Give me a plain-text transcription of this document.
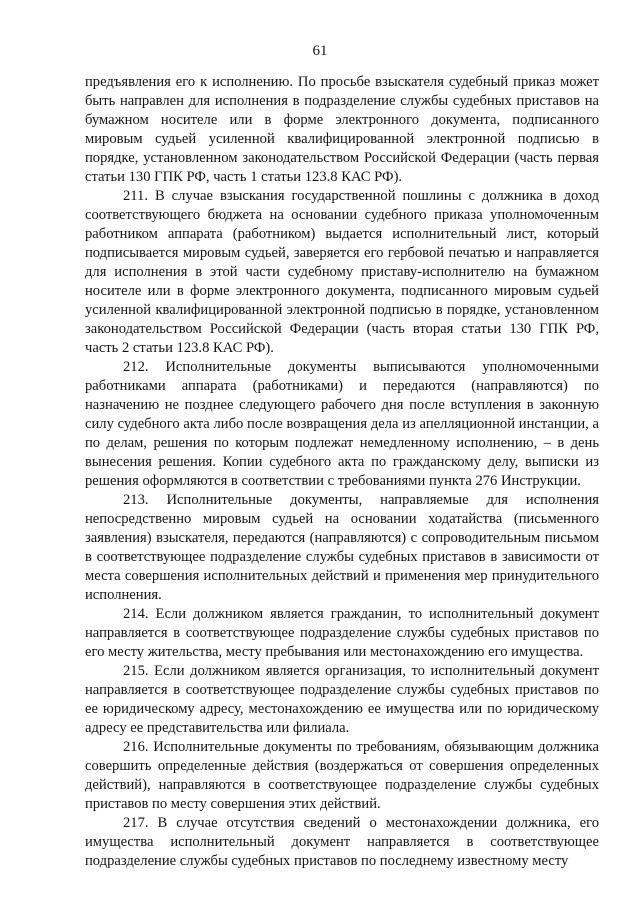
61

предъявления его к исполнению. По просьбе взыскателя судебный приказ может быть направлен для исполнения в подразделение службы судебных приставов на бумажном носителе или в форме электронного документа, подписанного мировым судьей усиленной квалифицированной электронной подписью в порядке, установленном законодательством Российской Федерации (часть первая статьи 130 ГПК РФ, часть 1 статьи 123.8 КАС РФ).

211. В случае взыскания государственной пошлины с должника в доход соответствующего бюджета на основании судебного приказа уполномоченным работником аппарата (работником) выдается исполнительный лист, который подписывается мировым судьей, заверяется его гербовой печатью и направляется для исполнения в этой части судебному приставу-исполнителю на бумажном носителе или в форме электронного документа, подписанного мировым судьей усиленной квалифицированной электронной подписью в порядке, установленном законодательством Российской Федерации (часть вторая статьи 130 ГПК РФ, часть 2 статьи 123.8 КАС РФ).

212. Исполнительные документы выписываются уполномоченными работниками аппарата (работниками) и передаются (направляются) по назначению не позднее следующего рабочего дня после вступления в законную силу судебного акта либо после возвращения дела из апелляционной инстанции, а по делам, решения по которым подлежат немедленному исполнению, – в день вынесения решения. Копии судебного акта по гражданскому делу, выписки из решения оформляются в соответствии с требованиями пункта 276 Инструкции.

213. Исполнительные документы, направляемые для исполнения непосредственно мировым судьей на основании ходатайства (письменного заявления) взыскателя, передаются (направляются) с сопроводительным письмом в соответствующее подразделение службы судебных приставов в зависимости от места совершения исполнительных действий и применения мер принудительного исполнения.

214. Если должником является гражданин, то исполнительный документ направляется в соответствующее подразделение службы судебных приставов по его месту жительства, месту пребывания или местонахождению его имущества.

215. Если должником является организация, то исполнительный документ направляется в соответствующее подразделение службы судебных приставов по ее юридическому адресу, местонахождению ее имущества или по юридическому адресу ее представительства или филиала.

216. Исполнительные документы по требованиям, обязывающим должника совершить определенные действия (воздержаться от совершения определенных действий), направляются в соответствующее подразделение службы судебных приставов по месту совершения этих действий.

217. В случае отсутствия сведений о местонахождении должника, его имущества исполнительный документ направляется в соответствующее подразделение службы судебных приставов по последнему известному месту
